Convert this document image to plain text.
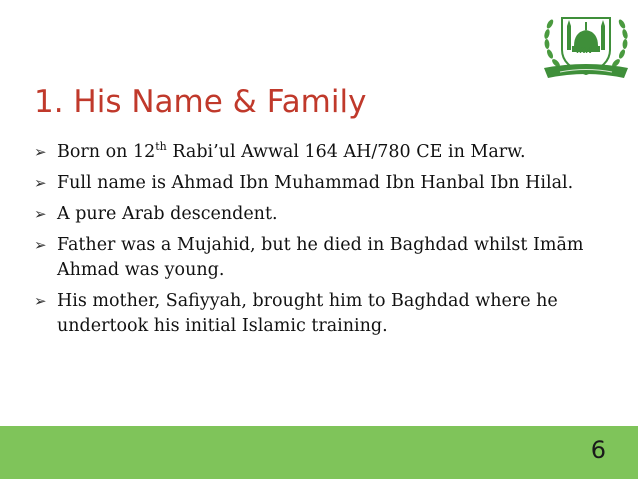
IKN
1. His Name & Family
➢ Born on 12th Rabi’ul Awwal 164 AH/780 CE in Marw.
➢ Full name is Ahmad Ibn Muhammad Ibn Hanbal Ibn Hilal.
➢ A pure Arab descendent.
➢ Father was a Mujahid, but he died in Baghdad whilst Imām Ahmad was young.
➢ His mother, Safiyyah, brought him to Baghdad where he undertook his initial Islamic training.
6
